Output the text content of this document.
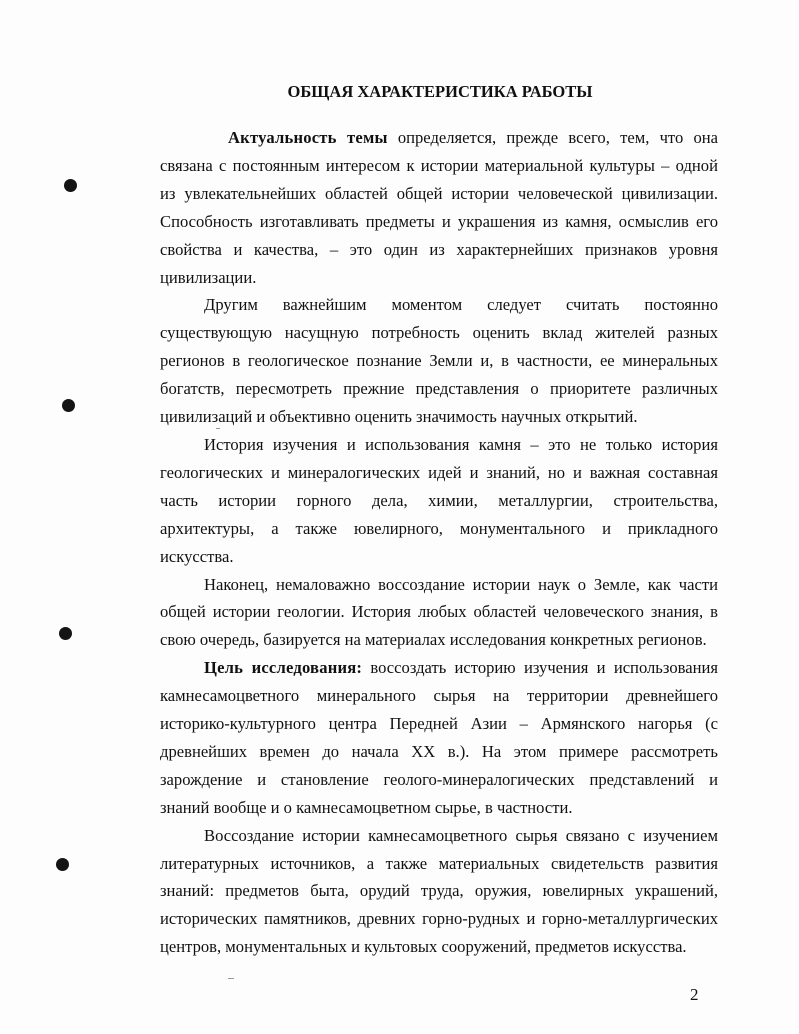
ОБЩАЯ ХАРАКТЕРИСТИКА РАБОТЫ

Актуальность темы определяется, прежде всего, тем, что она связана с постоянным интересом к истории материальной культуры – одной из увлекательнейших областей общей истории человеческой цивилизации. Способность изготавливать предметы и украшения из камня, осмыслив его свойства и качества, – это один из характернейших признаков уровня цивилизации.

Другим важнейшим моментом следует считать постоянно существующую насущную потребность оценить вклад жителей разных регионов в геологическое познание Земли и, в частности, ее минеральных богатств, пересмотреть прежние представления о приоритете различных цивилизаций и объективно оценить значимость научных открытий.

История изучения и использования камня – это не только история геологических и минералогических идей и знаний, но и важная составная часть истории горного дела, химии, металлургии, строительства, архитектуры, а также ювелирного, монументального и прикладного искусства.

Наконец, немаловажно воссоздание истории наук о Земле, как части общей истории геологии. История любых областей человеческого знания, в свою очередь, базируется на материалах исследования конкретных регионов.

Цель исследования: воссоздать историю изучения и использования камнесамоцветного минерального сырья на территории древнейшего историко-культурного центра Передней Азии – Армянского нагорья (с древнейших времен до начала XX в.). На этом примере рассмотреть зарождение и становление геолого-минералогических представлений и знаний вообще и о камнесамоцветном сырье, в частности.

Воссоздание истории камнесамоцветного сырья связано с изучением литературных источников, а также материальных свидетельств развития знаний: предметов быта, орудий труда, оружия, ювелирных украшений, исторических памятников, древних горно-рудных и горно-металлургических центров, монументальных и культовых сооружений, предметов искусства.

2
